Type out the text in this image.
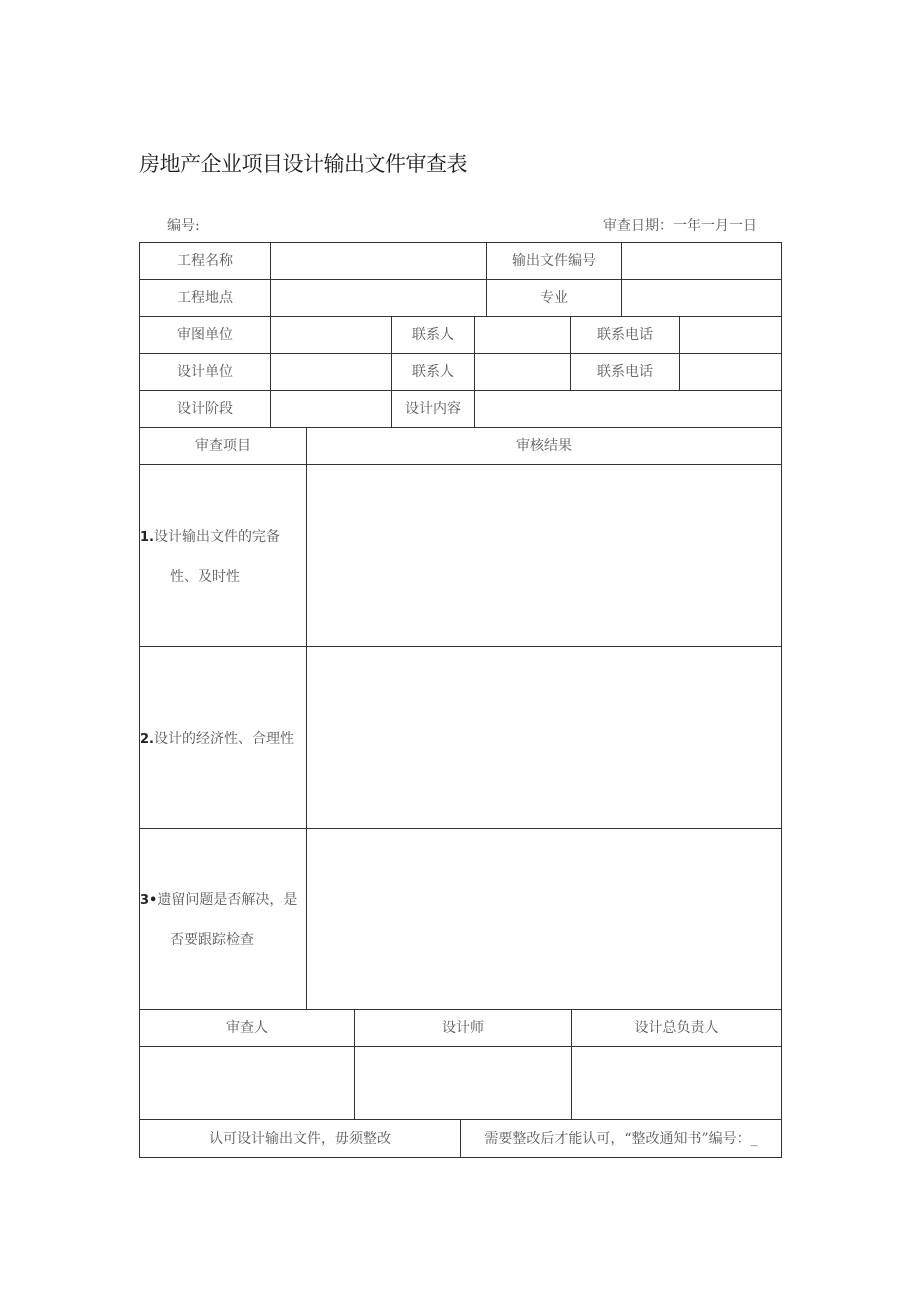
房地产企业项目设计输出文件审查表
编号:	审查日期：一年一月一日
工程名称	输出文件编号
工程地点	专业
审图单位	联系人	联系电话
设计单位	联系人	联系电话
设计阶段	设计内容
审查项目	审核结果
1.设计输出文件的完备
性、及时性
2.设计的经济性、合理性
3•遗留问题是否解决，是
否要跟踪检查
审查人	设计师	设计总负责人
认可设计输出文件，毋须整改	需要整改后才能认可，“整改通知书”编号：_
